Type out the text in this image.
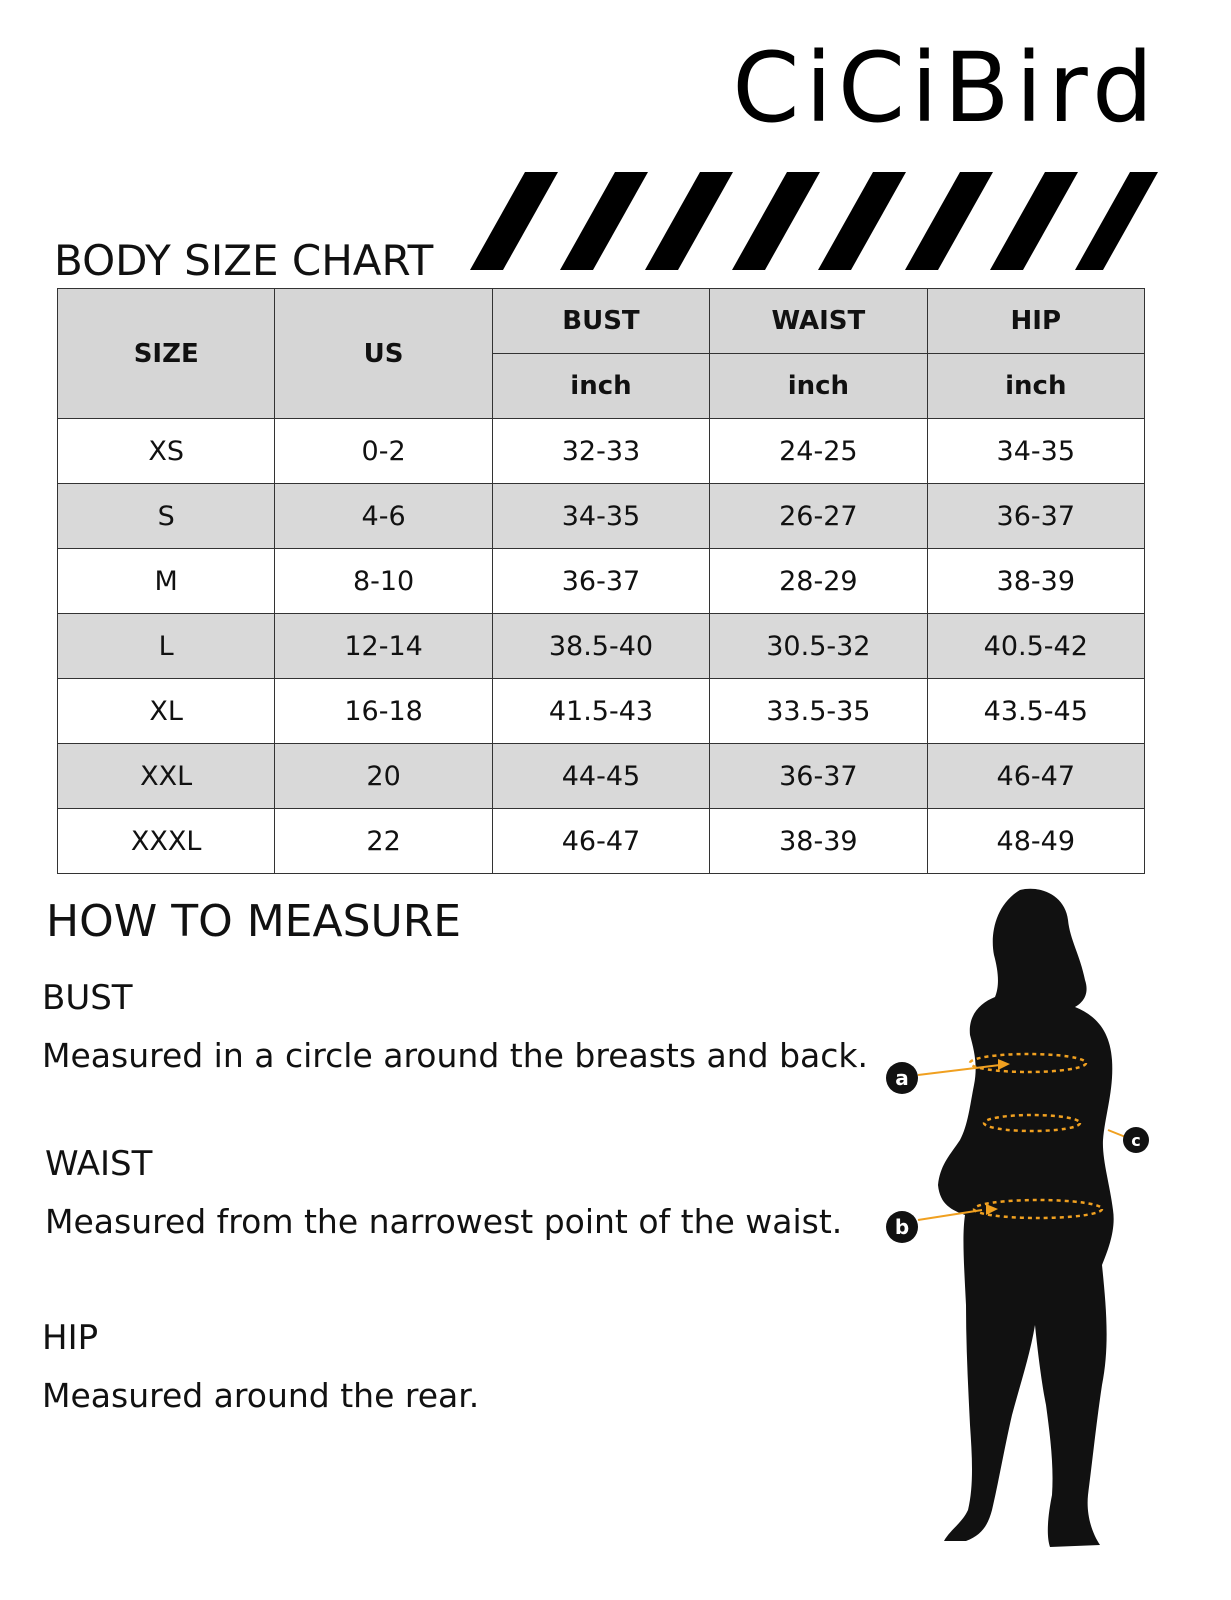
CiCiBird
BODY SIZE CHART
SIZE	US	BUST	WAIST	HIP
		inch	inch	inch
XS	0-2	32-33	24-25	34-35
S	4-6	34-35	26-27	36-37
M	8-10	36-37	28-29	38-39
L	12-14	38.5-40	30.5-32	40.5-42
XL	16-18	41.5-43	33.5-35	43.5-45
XXL	20	44-45	36-37	46-47
XXXL	22	46-47	38-39	48-49
HOW TO MEASURE
BUST
Measured in a circle around the breasts and back.
WAIST
Measured from the narrowest point of the waist.
HIP
Measured around the rear.
a
c
b
